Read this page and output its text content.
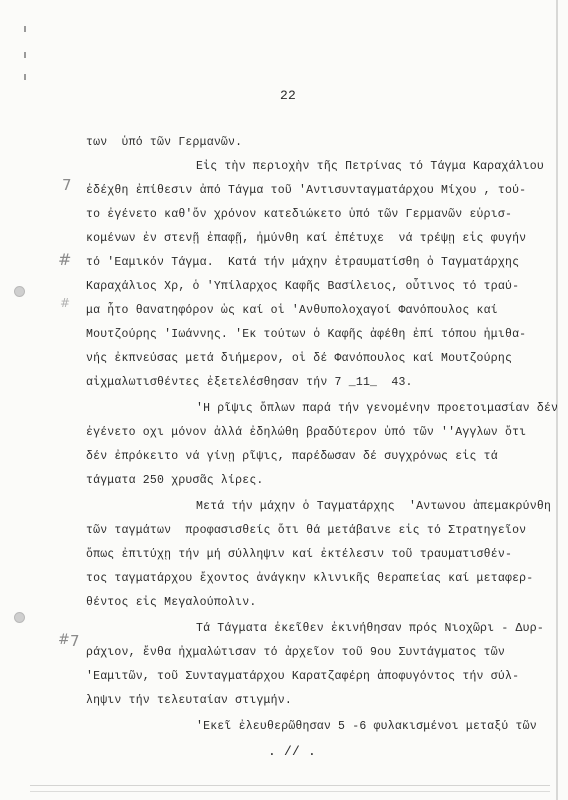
22
7
#
#
# 7
των  ὑπό τῶν Γερμανῶν.
Εἰς τὴν περιοχὴν τῆς Πετρίνας τό Τάγμα Καραχάλιου
ἐδέχθη ἐπίθεσιν ἀπό Τάγμα τοῦ 'Αντισυνταγματάρχου Μίχου , τού-
το ἐγένετο καθ'ὄν χρόνον κατεδιώκετο ὑπό τῶν Γερμανῶν εὑρισ-
κομένων ἐν στενῇ ἐπαφῇ, ἠμύνθη καί ἐπέτυχε  νά τρέψῃ εἰς φυγήν
τό 'Εαμικόν Τάγμα.  Κατά τήν μάχην ἐτραυματίσθη ὁ Ταγματάρχης
Καραχάλιος Χρ, ὁ 'Υπίλαρχος Καφῆς Βασίλειος, οὗτινος τό τραύ-
μα ἦτο θανατηφόρον ὡς καί οἱ 'Ανθυπολοχαγοί Φανόπουλος καί
Μουτζούρης 'Ιωάννης. 'Εκ τούτων ὁ Καφῆς ἀφέθη ἐπί τόπου ἡμιθα-
νής ἐκπνεύσας μετά διήμερον, οἱ δέ Φανόπουλος καί Μουτζούρης
αἰχμαλωτισθέντες ἐξετελέσθησαν τήν 7 _11_  43.
'Η ρῖψις ὅπλων παρά τήν γενομένην προετοιμασίαν δέν
ἐγένετο οχι μόνον ἀλλά ἐδηλώθη βραδύτερον ὑπό τῶν ''Αγγλων ὅτι
δέν ἐπρόκειτο νά γίνῃ ρῖψις, παρέδωσαν δέ συγχρόνως εἰς τά
τάγματα 250 χρυσᾶς λίρες.
Μετά τήν μάχην ὁ Ταγματάρχης  'Αντωνου ἀπεμακρύνθη
τῶν ταγμάτων  προφασισθείς ὅτι θά μετάβαινε εἰς τό Στρατηγεῖον
ὅπως ἐπιτύχῃ τήν μή σύλληψιν καί ἐκτέλεσιν τοῦ τραυματισθέν-
τος ταγματάρχου ἔχοντος ἀνάγκην κλινικῆς θεραπείας καί μεταφερ-
θέντος εἰς Μεγαλούπολιν.
Τά Τάγματα ἐκεῖθεν ἐκινήθησαν πρός Νιοχῶρι - Δυρ-
ράχιον, ἔνθα ἠχμαλώτισαν τό ἀρχεῖον τοῦ 9ου Συντάγματος τῶν
'Εαμιτῶν, τοῦ Συνταγματάρχου Καρατζαφέρη ἀποφυγόντος τήν σύλ-
ληψιν τήν τελευταίαν στιγμήν.
'Εκεῖ ἐλευθερῶθησαν 5 -6 φυλακισμένοι μεταξύ τῶν
. // .
